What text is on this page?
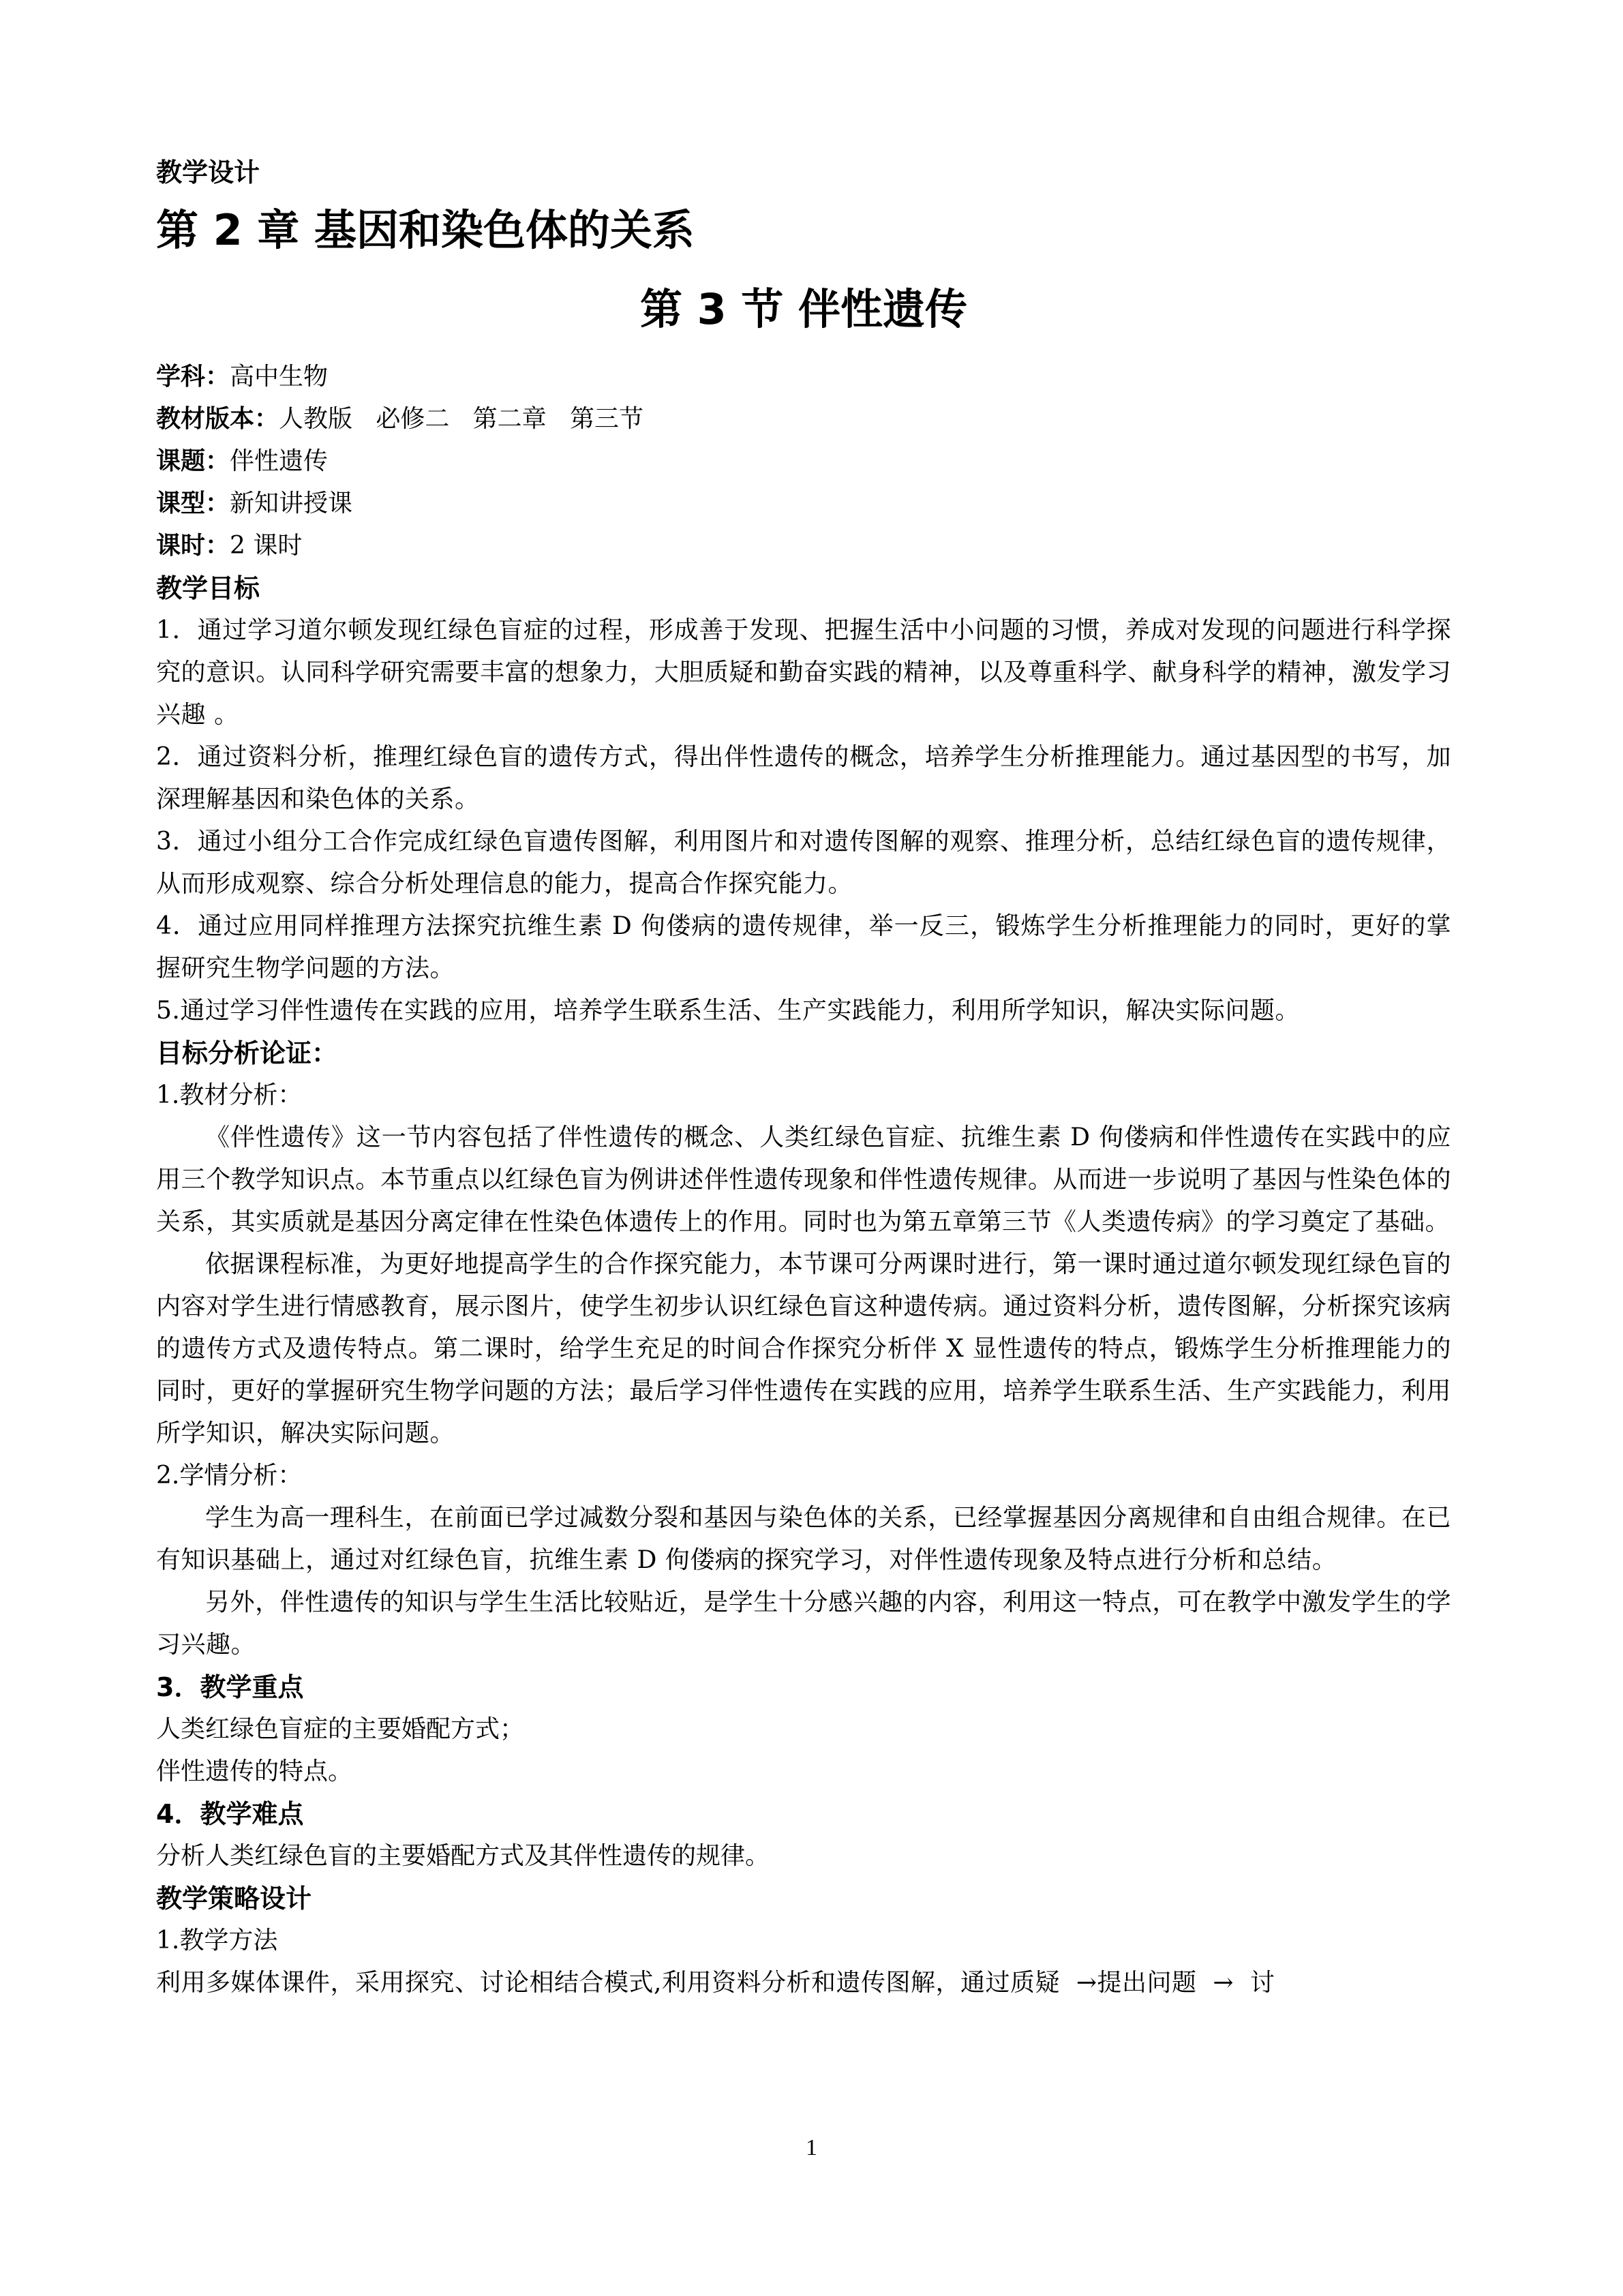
教学设计

第 2 章 基因和染色体的关系
第 3 节 伴性遗传

学科：高中生物

教材版本：人教版   必修二   第二章   第三节

课题：伴性遗传

课型：新知讲授课

课时：2 课时

教学目标

1．通过学习道尔顿发现红绿色盲症的过程，形成善于发现、把握生活中小问题的习惯，养成对发现的问题进行科学探究的意识。认同科学研究需要丰富的想象力，大胆质疑和勤奋实践的精神，以及尊重科学、献身科学的精神，激发学习兴趣 。

2．通过资料分析，推理红绿色盲的遗传方式，得出伴性遗传的概念，培养学生分析推理能力。通过基因型的书写，加深理解基因和染色体的关系。

3．通过小组分工合作完成红绿色盲遗传图解，利用图片和对遗传图解的观察、推理分析，总结红绿色盲的遗传规律，从而形成观察、综合分析处理信息的能力，提高合作探究能力。

4．通过应用同样推理方法探究抗维生素 D 佝偻病的遗传规律，举一反三，锻炼学生分析推理能力的同时，更好的掌握研究生物学问题的方法。

5.通过学习伴性遗传在实践的应用，培养学生联系生活、生产实践能力，利用所学知识，解决实际问题。

目标分析论证：

1.教材分析：

《伴性遗传》这一节内容包括了伴性遗传的概念、人类红绿色盲症、抗维生素 D 佝偻病和伴性遗传在实践中的应用三个教学知识点。本节重点以红绿色盲为例讲述伴性遗传现象和伴性遗传规律。从而进一步说明了基因与性染色体的关系，其实质就是基因分离定律在性染色体遗传上的作用。同时也为第五章第三节《人类遗传病》的学习奠定了基础。

依据课程标准，为更好地提高学生的合作探究能力，本节课可分两课时进行，第一课时通过道尔顿发现红绿色盲的内容对学生进行情感教育，展示图片，使学生初步认识红绿色盲这种遗传病。通过资料分析，遗传图解，分析探究该病的遗传方式及遗传特点。第二课时，给学生充足的时间合作探究分析伴 X 显性遗传的特点，锻炼学生分析推理能力的同时，更好的掌握研究生物学问题的方法；最后学习伴性遗传在实践的应用，培养学生联系生活、生产实践能力，利用所学知识，解决实际问题。

2.学情分析：

学生为高一理科生，在前面已学过减数分裂和基因与染色体的关系，已经掌握基因分离规律和自由组合规律。在已有知识基础上，通过对红绿色盲，抗维生素 D 佝偻病的探究学习，对伴性遗传现象及特点进行分析和总结。

另外，伴性遗传的知识与学生生活比较贴近，是学生十分感兴趣的内容，利用这一特点，可在教学中激发学生的学习兴趣。

3．教学重点

人类红绿色盲症的主要婚配方式；

伴性遗传的特点。

4．教学难点

分析人类红绿色盲的主要婚配方式及其伴性遗传的规律。

教学策略设计

1.教学方法

利用多媒体课件，采用探究、讨论相结合模式,利用资料分析和遗传图解，通过质疑  →提出问题  →  讨

1
